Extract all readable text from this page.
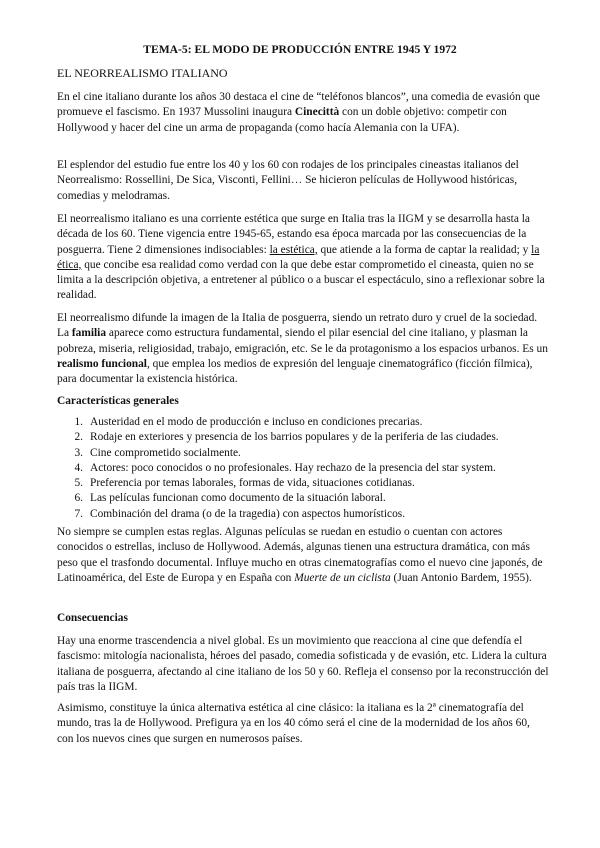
TEMA-5: EL MODO DE PRODUCCIÓN ENTRE 1945 Y 1972
EL NEORREALISMO ITALIANO

En el cine italiano durante los años 30 destaca el cine de “teléfonos blancos”, una comedia de evasión que promueve el fascismo. En 1937 Mussolini inaugura Cinecittà con un doble objetivo: competir con Hollywood y hacer del cine un arma de propaganda (como hacía Alemania con la UFA).

El esplendor del estudio fue entre los 40 y los 60 con rodajes de los principales cineastas italianos del Neorrealismo: Rossellini, De Sica, Visconti, Fellini… Se hicieron películas de Hollywood históricas, comedias y melodramas.

El neorrealismo italiano es una corriente estética que surge en Italia tras la IIGM y se desarrolla hasta la década de los 60. Tiene vigencia entre 1945-65, estando esa época marcada por las consecuencias de la posguerra. Tiene 2 dimensiones indisociables: la estética, que atiende a la forma de captar la realidad; y la ética, que concibe esa realidad como verdad con la que debe estar comprometido el cineasta, quien no se limita a la descripción objetiva, a entretener al público o a buscar el espectáculo, sino a reflexionar sobre la realidad.

El neorrealismo difunde la imagen de la Italia de posguerra, siendo un retrato duro y cruel de la sociedad. La familia aparece como estructura fundamental, siendo el pilar esencial del cine italiano, y plasman la pobreza, miseria, religiosidad, trabajo, emigración, etc. Se le da protagonismo a los espacios urbanos. Es un realismo funcional, que emplea los medios de expresión del lenguaje cinematográfico (ficción fílmica), para documentar la existencia histórica.

Características generales
1. Austeridad en el modo de producción e incluso en condiciones precarias.
2. Rodaje en exteriores y presencia de los barrios populares y de la periferia de las ciudades.
3. Cine comprometido socialmente.
4. Actores: poco conocidos o no profesionales. Hay rechazo de la presencia del star system.
5. Preferencia por temas laborales, formas de vida, situaciones cotidianas.
6. Las películas funcionan como documento de la situación laboral.
7. Combinación del drama (o de la tragedia) con aspectos humorísticos.

No siempre se cumplen estas reglas. Algunas películas se ruedan en estudio o cuentan con actores conocidos o estrellas, incluso de Hollywood. Además, algunas tienen una estructura dramática, con más peso que el trasfondo documental. Influye mucho en otras cinematografías como el nuevo cine japonés, de Latinoamérica, del Este de Europa y en España con Muerte de un ciclista (Juan Antonio Bardem, 1955).

Consecuencias

Hay una enorme trascendencia a nivel global. Es un movimiento que reacciona al cine que defendía el fascismo: mitología nacionalista, héroes del pasado, comedia sofisticada y de evasión, etc. Lidera la cultura italiana de posguerra, afectando al cine italiano de los 50 y 60. Refleja el consenso por la reconstrucción del país tras la IIGM.

Asimismo, constituye la única alternativa estética al cine clásico: la italiana es la 2ª cinematografía del mundo, tras la de Hollywood. Prefigura ya en los 40 cómo será el cine de la modernidad de los años 60, con los nuevos cines que surgen en numerosos países.
